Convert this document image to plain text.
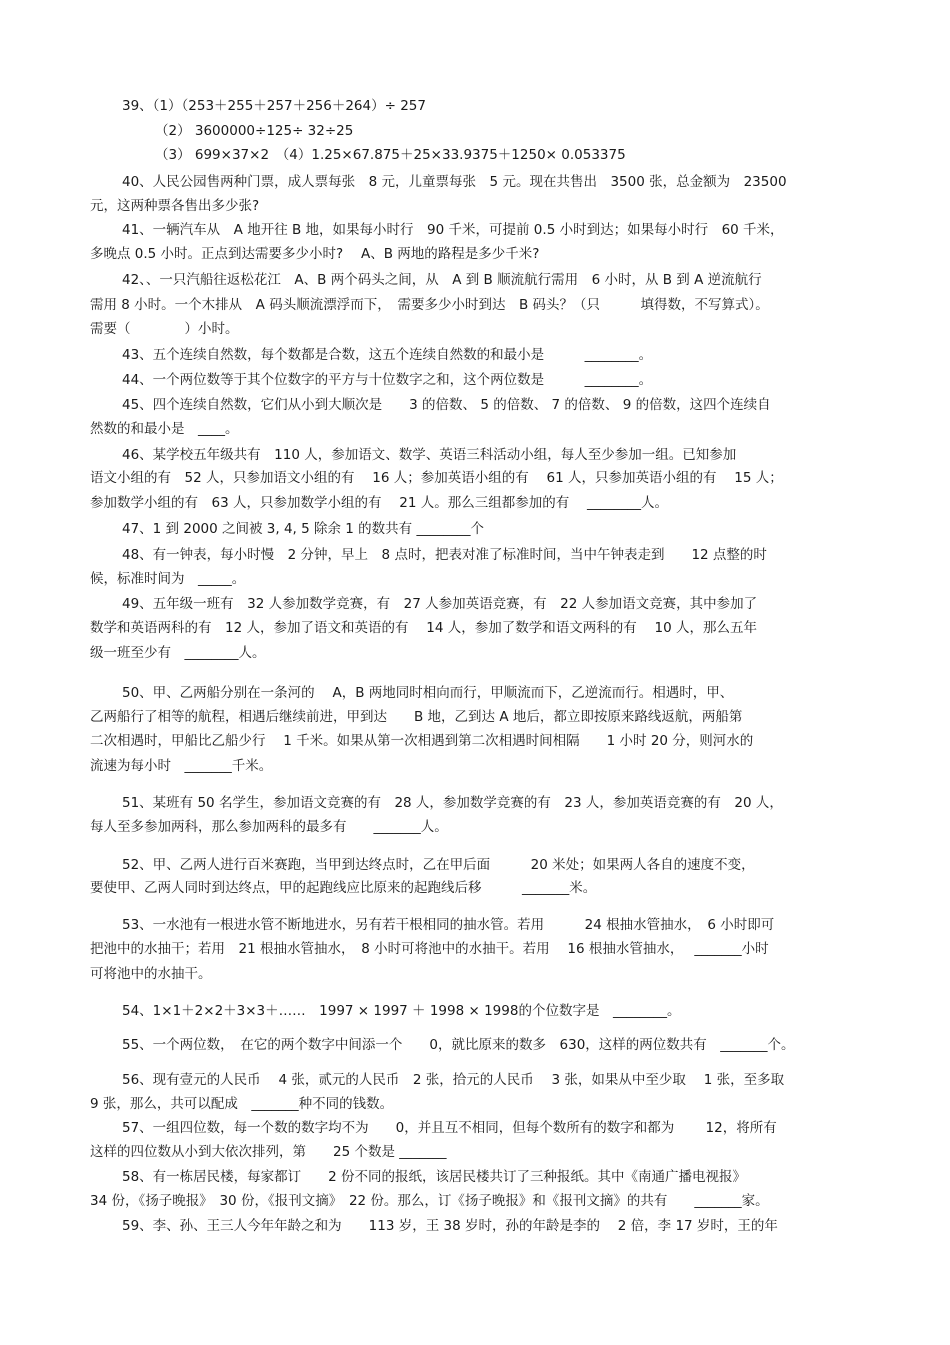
39、（1）（253＋255＋257＋256＋264）÷ 257
（2） 3600000÷125÷ 32÷25
（3） 699×37×2　（4）1.25×67.875＋25×33.9375＋1250× 0.053375
40、人民公园售两种门票，成人票每张　8 元，儿童票每张　5 元。现在共售出　3500 张，总金额为　23500
元，这两种票各售出多少张?
41、一辆汽车从　A 地开往 B 地，如果每小时行　90 千米，可提前 0.5 小时到达；如果每小时行　60 千米，
多晚点 0.5 小时。正点到达需要多少小时?　 A、B 两地的路程是多少千米?
42、、一只汽船往返松花江　A、B 两个码头之间，从　A 到 B 顺流航行需用　6 小时，从 B 到 A 逆流航行
需用 8 小时。一个木排从　A 码头顺流漂浮而下，　需要多少小时到达　B 码头？（只　　　填得数，不写算式）。
需要（　　　　）小时。
43、五个连续自然数，每个数都是合数，这五个连续自然数的和最小是　　　________。
44、一个两位数等于其个位数字的平方与十位数字之和，这个两位数是　　　________。
45、四个连续自然数，它们从小到大顺次是　　3 的倍数、 5 的倍数、 7 的倍数、 9 的倍数，这四个连续自
然数的和最小是　____。
46、某学校五年级共有　110 人，参加语文、数学、英语三科活动小组，每人至少参加一组。已知参加
语文小组的有　52 人，只参加语文小组的有　 16 人；参加英语小组的有　 61 人，只参加英语小组的有　 15 人；
参加数学小组的有　63 人，只参加数学小组的有　 21 人。那么三组都参加的有　 ________人。
47、1 到 2000 之间被 3, 4, 5 除余 1 的数共有 ________个
48、有一钟表，每小时慢　2 分钟，早上　8 点时，把表对准了标准时间，当中午钟表走到　　12 点整的时
候，标准时间为　_____。
49、五年级一班有　32 人参加数学竞赛，有　27 人参加英语竞赛，有　22 人参加语文竞赛，其中参加了
数学和英语两科的有　12 人，参加了语文和英语的有　 14 人，参加了数学和语文两科的有　 10 人，那么五年
级一班至少有　________人。
50、甲、乙两船分别在一条河的　 A，B 两地同时相向而行，甲顺流而下，乙逆流而行。相遇时，甲、
乙两船行了相等的航程，相遇后继续前进，甲到达　　B 地，乙到达 A 地后，都立即按原来路线返航，两船第
二次相遇时，甲船比乙船少行　 1 千米。如果从第一次相遇到第二次相遇时间相隔　　1 小时 20 分，则河水的
流速为每小时　_______千米。
51、某班有 50 名学生，参加语文竞赛的有　28 人，参加数学竞赛的有　23 人，参加英语竞赛的有　20 人，
每人至多参加两科，那么参加两科的最多有　　_______人。
52、甲、乙两人进行百米赛跑，当甲到达终点时，乙在甲后面　　　20 米处；如果两人各自的速度不变，
要使甲、乙两人同时到达终点，甲的起跑线应比原来的起跑线后移　　　_______米。
53、一水池有一根进水管不断地进水，另有若干根相同的抽水管。若用　　　24 根抽水管抽水，　6 小时即可
把池中的水抽干；若用　21 根抽水管抽水，　8 小时可将池中的水抽干。若用　 16 根抽水管抽水，　 _______小时
可将池中的水抽干。
54、1×1＋2×2＋3×3＋……　1997 × 1997 ＋ 1998 × 1998的个位数字是　________。
55、一个两位数，　在它的两个数字中间添一个　　0，就比原来的数多　630，这样的两位数共有　_______个。
56、现有壹元的人民币　 4 张，贰元的人民币　2 张，拾元的人民币　 3 张，如果从中至少取　 1 张，至多取
9 张，那么，共可以配成　_______种不同的钱数。
57、一组四位数，每一个数的数字均不为　　0，并且互不相同，但每个数所有的数字和都为　　 12，将所有
这样的四位数从小到大依次排列，第　　25 个数是 _______
58、有一栋居民楼，每家都订　　2 份不同的报纸，该居民楼共订了三种报纸。其中《南通广播电视报》
34 份，《扬子晚报》　30 份，《报刊文摘》　22 份。那么，订《扬子晚报》和《报刊文摘》的共有　　_______家。
59、李、孙、王三人今年年龄之和为　　113 岁，王 38 岁时，孙的年龄是李的　 2 倍，李 17 岁时，王的年
